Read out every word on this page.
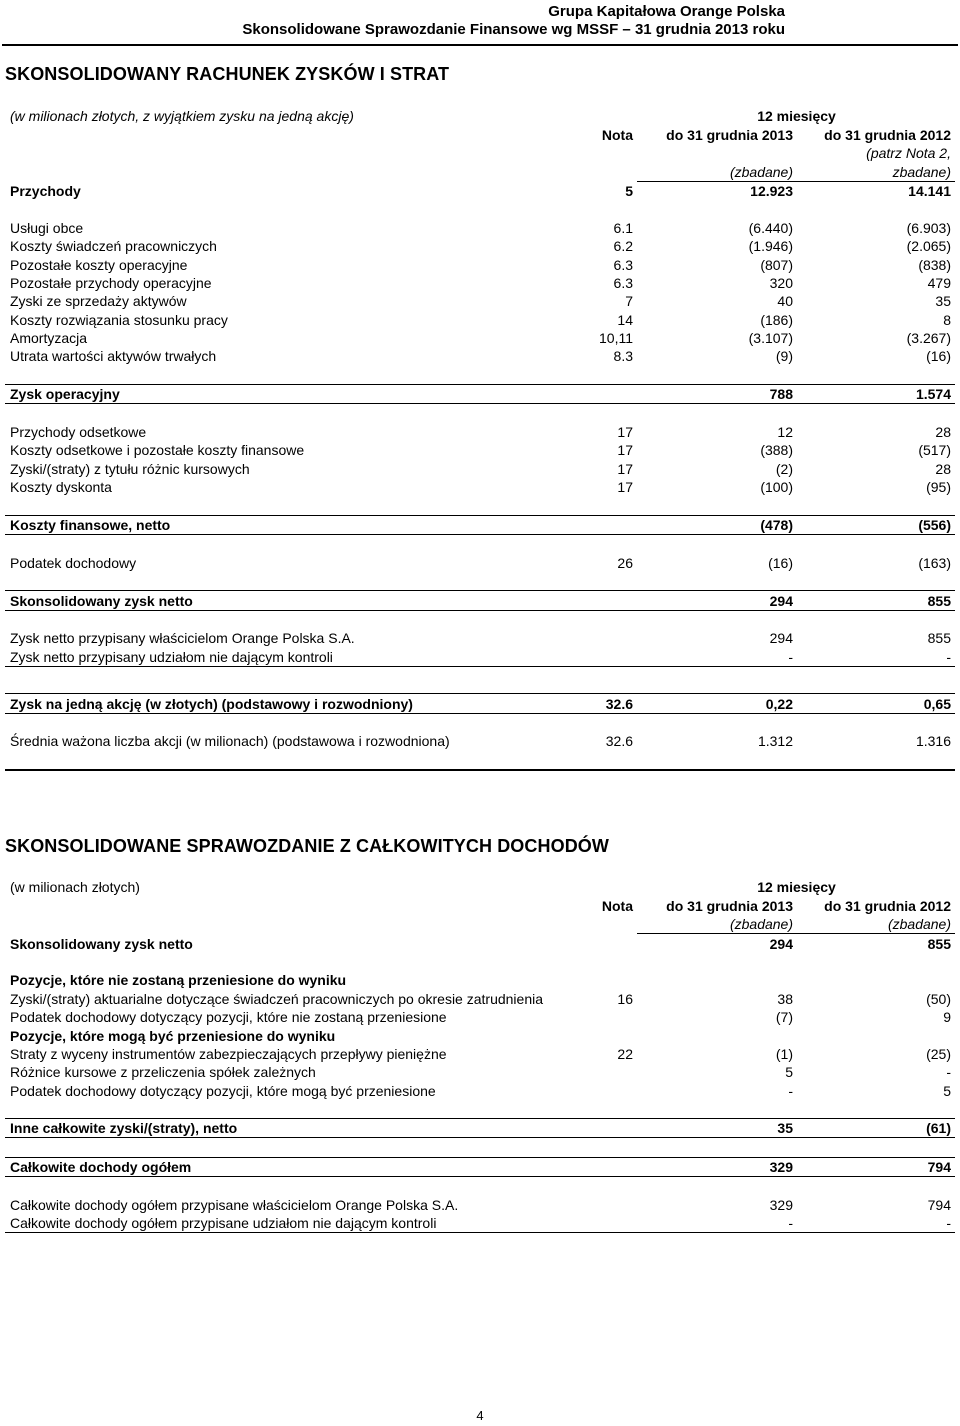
Grupa Kapitałowa Orange Polska
Skonsolidowane Sprawozdanie Finansowe wg MSSF – 31 grudnia 2013 roku
SKONSOLIDOWANY RACHUNEK ZYSKÓW I STRAT
(w milionach złotych, z wyjątkiem zysku na jedną akcję)		12 miesięcy	
	Nota	do 31 grudnia 2013	do 31 grudnia 2012
			(patrz Nota 2,
		(zbadane)	zbadane)
Przychody	5	12.923	14.141

Usługi obce	6.1	(6.440)	(6.903)
Koszty świadczeń pracowniczych	6.2	(1.946)	(2.065)
Pozostałe koszty operacyjne	6.3	(807)	(838)
Pozostałe przychody operacyjne	6.3	320	479
Zyski ze sprzedaży aktywów	7	40	35
Koszty rozwiązania stosunku pracy	14	(186)	8
Amortyzacja	10,11	(3.107)	(3.267)
Utrata wartości aktywów trwałych	8.3	(9)	(16)

Zysk operacyjny		788	1.574

Przychody odsetkowe	17	12	28
Koszty odsetkowe i pozostałe koszty finansowe	17	(388)	(517)
Zyski/(straty) z tytułu różnic kursowych	17	(2)	28
Koszty dyskonta	17	(100)	(95)

Koszty finansowe, netto		(478)	(556)

Podatek dochodowy	26	(16)	(163)

Skonsolidowany zysk netto		294	855

Zysk netto przypisany właścicielom Orange Polska S.A.		294	855
Zysk netto przypisany udziałom nie dającym kontroli		-	-

Zysk na jedną akcję (w złotych) (podstawowy i rozwodniony)	32.6	0,22	0,65

Średnia ważona liczba akcji (w milionach) (podstawowa i rozwodniona)	32.6	1.312	1.316

SKONSOLIDOWANE SPRAWOZDANIE Z CAŁKOWITYCH DOCHODÓW
(w milionach złotych)		12 miesięcy	
	Nota	do 31 grudnia 2013	do 31 grudnia 2012
		(zbadane)	(zbadane)
Skonsolidowany zysk netto		294	855

Pozycje, które nie zostaną przeniesione do wyniku			
Zyski/(straty) aktuarialne dotyczące świadczeń pracowniczych po okresie zatrudnienia	16	38	(50)
Podatek dochodowy dotyczący pozycji, które nie zostaną przeniesione		(7)	9
Pozycje, które mogą być przeniesione do wyniku			
Straty z wyceny instrumentów zabezpieczających przepływy pieniężne	22	(1)	(25)
Różnice kursowe z przeliczenia spółek zależnych		5	-
Podatek dochodowy dotyczący pozycji, które mogą być przeniesione		-	5

Inne całkowite zyski/(straty), netto		35	(61)

Całkowite dochody ogółem		329	794

Całkowite dochody ogółem przypisane właścicielom Orange Polska S.A.		329	794
Całkowite dochody ogółem przypisane udziałom nie dającym kontroli		-	-
4
